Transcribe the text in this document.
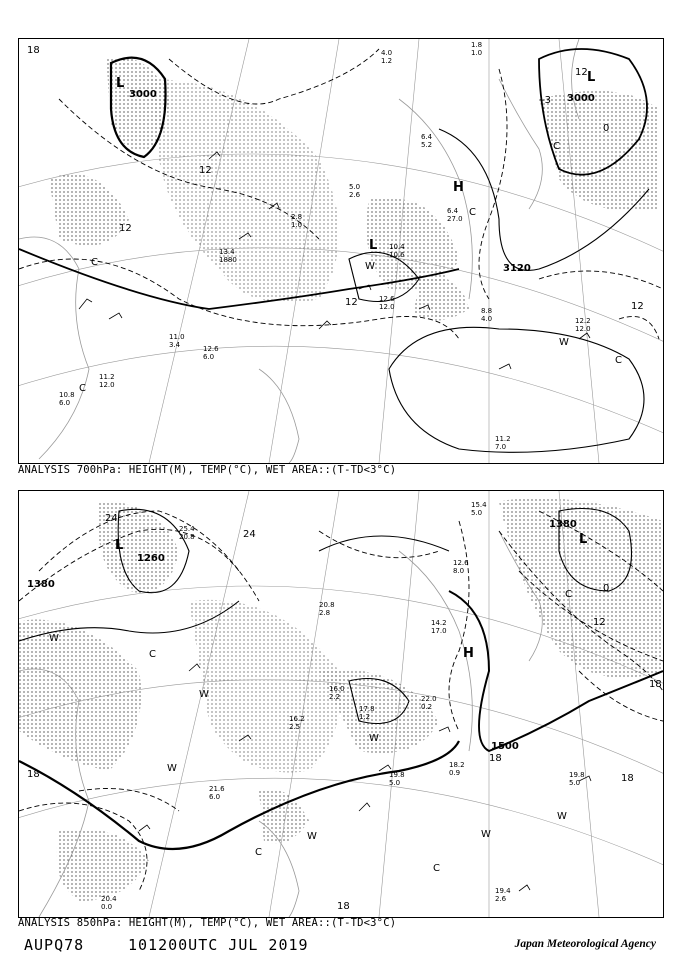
3000	3000
3120
18
12
12
12	12
0
-3
12
L	L
L
H
C
C
C
W
W
C
C
13.4 1880
10.4 10.6
12.6 12.0
12.2 12.0
11.2 12.0
11.0 3.4	12.6 6.0
10.8 6.0
8.8 4.0
11.2 7.0
6.4 5.2
5.0 2.6
2.8 1.0
1.8 1.0
4.0 1.2
6.4 27.0
ANALYSIS 700hPa: HEIGHT(M), TEMP(°C), WET AREA::(T-TD<3°C)
1260
1380
1380
1500
24
24
12
18
18
18
18
18
0
L	L
H
W
W
W
W
W	W
W
C
C
C
C
19.8 5.0
18.2 0.9
19.4 2.6
20.4 0.0
17.8 1.2
22.0 0.2
20.8 2.8
25.4 20.8
16.2 2.5
15.4 5.0
16.0 2.2
21.6 6.0
14.2 17.0
12.6 8.0
19.8 5.0
ANALYSIS 850hPa: HEIGHT(M), TEMP(°C), WET AREA::(T-TD<3°C)
AUPQ78	101200UTC JUL 2019	Japan Meteorological Agency
